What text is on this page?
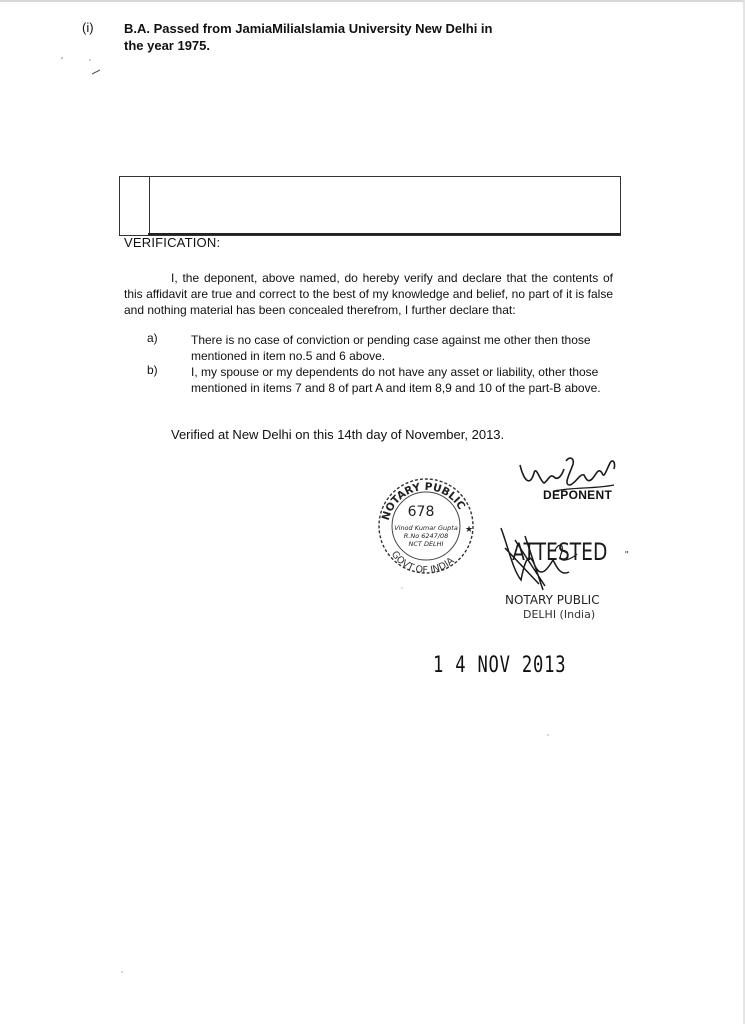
(i) B.A. Passed from JamiaMiliaIslamia University New Delhi in the year 1975.
VERIFICATION:
I, the deponent, above named, do hereby verify and declare that the contents of this affidavit are true and correct to the best of my knowledge and belief, no part of it is false and nothing material has been concealed therefrom, I further declare that:
a)	There is no case of conviction or pending case against me other then those mentioned in item no.5 and 6 above.
b)	I, my spouse or my dependents do not have any asset or liability, other those mentioned in items 7 and 8 of part A and item 8,9 and 10 of the part-B above.
Verified at New Delhi on this 14th day of November, 2013.
DEPONENT
NOTARY PUBLIC
GOVT OF INDIA
678
Vinod Kumar Gupta
R.No 6247/08
NCT DELHI
★
ATTESTED "
NOTARY PUBLIC
DELHI (India)
1 4 NOV 2013
